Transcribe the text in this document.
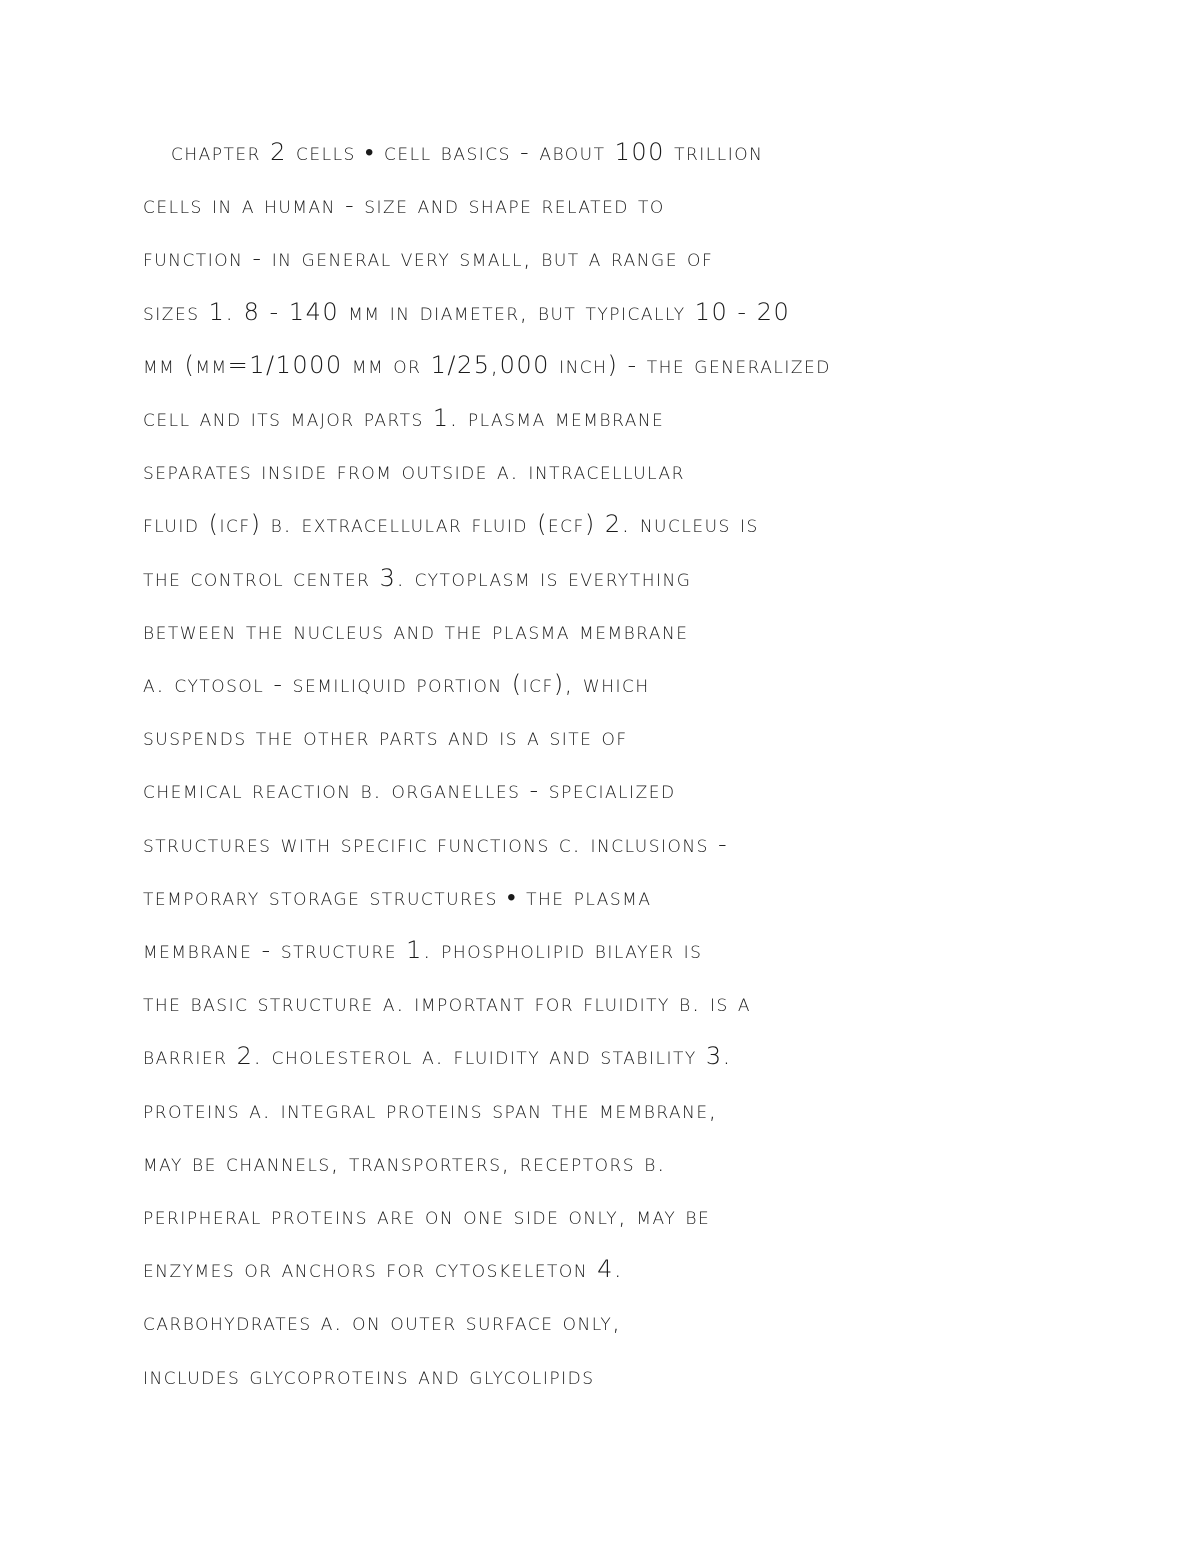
chapter 2 cells • cell basics - about 100 trillion
cells in a human - size and shape related to
function - in general very small, but a range of
sizes 1. 8 - 140 μm in diameter, but typically 10 - 20
μm (μm=1/1000 mm or 1/25,000 inch) - the generalized
cell and its major parts 1. plasma membrane
separates inside from outside a. intracellular
fluid (icf) b. extracellular fluid (ecf) 2. nucleus is
the control center 3. cytoplasm is everything
between the nucleus and the plasma membrane
a. cytosol - semiliquid portion (icf), which
suspends the other parts and is a site of
chemical reaction b. organelles - specialized
structures with specific functions c. inclusions -
temporary storage structures • the plasma
membrane - structure 1. phospholipid bilayer is
the basic structure a. important for fluidity b. is a
barrier 2. cholesterol a. fluidity and stability 3.
proteins a. integral proteins span the membrane,
may be channels, transporters, receptors b.
peripheral proteins are on one side only, may be
enzymes or anchors for cytoskeleton 4.
carbohydrates a. on outer surface only,
includes glycoproteins and glycolipids
